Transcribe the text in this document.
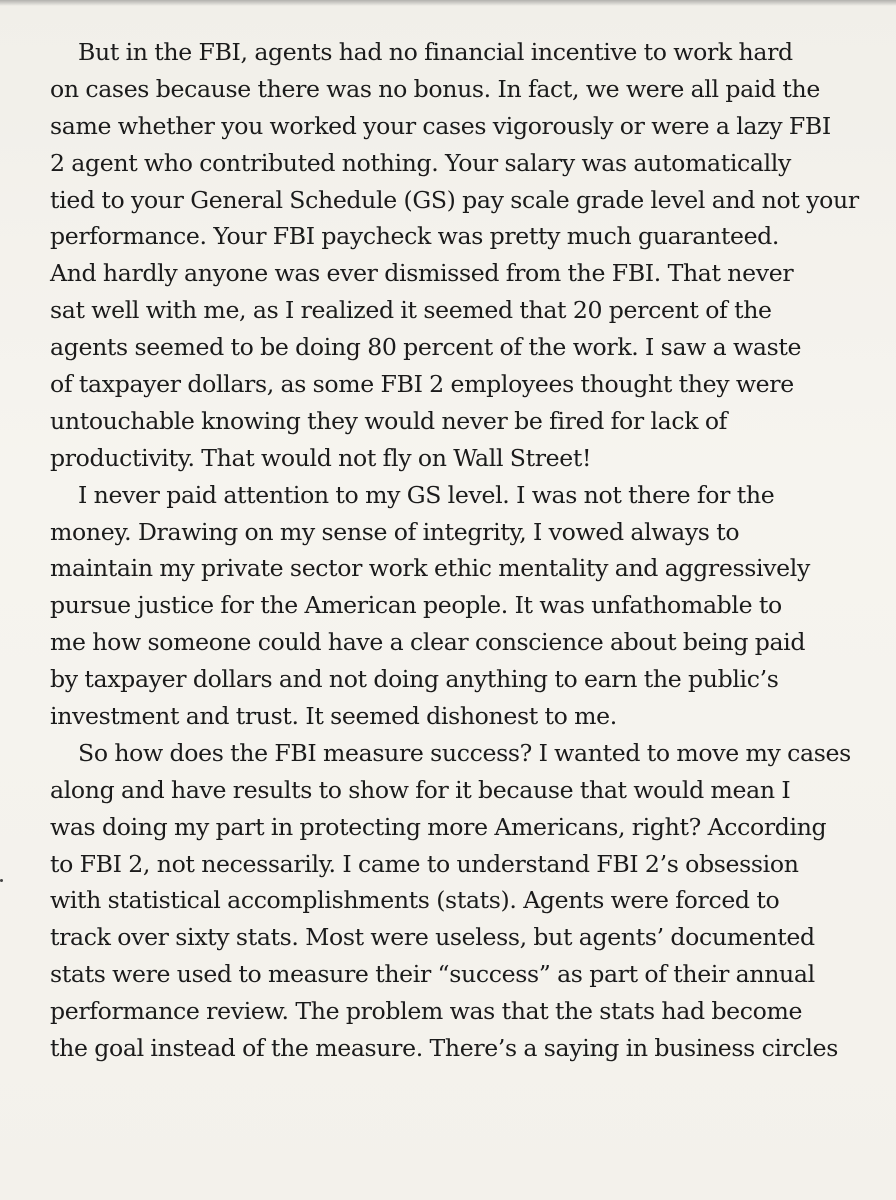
But in the FBI, agents had no financial incentive to work hard
on cases because there was no bonus. In fact, we were all paid the
same whether you worked your cases vigorously or were a lazy FBI
2 agent who contributed nothing. Your salary was automatically
tied to your General Schedule (GS) pay scale grade level and not your
performance. Your FBI paycheck was pretty much guaranteed.
And hardly anyone was ever dismissed from the FBI. That never
sat well with me, as I realized it seemed that 20 percent of the
agents seemed to be doing 80 percent of the work. I saw a waste
of taxpayer dollars, as some FBI 2 employees thought they were
untouchable knowing they would never be fired for lack of
productivity. That would not fly on Wall Street!
I never paid attention to my GS level. I was not there for the
money. Drawing on my sense of integrity, I vowed always to
maintain my private sector work ethic mentality and aggressively
pursue justice for the American people. It was unfathomable to
me how someone could have a clear conscience about being paid
by taxpayer dollars and not doing anything to earn the public’s
investment and trust. It seemed dishonest to me.
So how does the FBI measure success? I wanted to move my cases
along and have results to show for it because that would mean I
was doing my part in protecting more Americans, right? According
to FBI 2, not necessarily. I came to understand FBI 2’s obsession
with statistical accomplishments (stats). Agents were forced to
track over sixty stats. Most were useless, but agents’ documented
stats were used to measure their “success” as part of their annual
performance review. The problem was that the stats had become
the goal instead of the measure. There’s a saying in business circles
